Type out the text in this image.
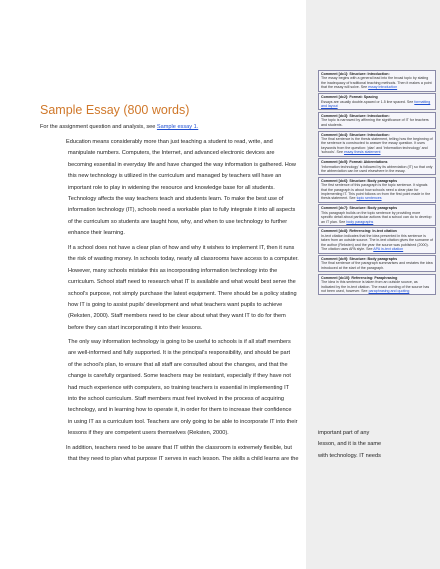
Sample Essay (800 words)
For the assignment question and analysis, see Sample essay 1.
Education means considerably more than just teaching a student to read, write, and
manipulate numbers. Computers, the Internet, and advanced electronic devices are
becoming essential in everyday life and have changed the way information is gathered. How
this new technology is utilized in the curriculum and managed by teachers will have an
important role to play in widening the resource and knowledge base for all students.
Technology affects the way teachers teach and students learn. To make the best use of
information technology (IT), schools need a workable plan to fully integrate it into all aspects
of the curriculum so students are taught how, why, and when to use technology to further
enhance their learning.
If a school does not have a clear plan of how and why it wishes to implement IT, then it runs
the risk of wasting money. In schools today, nearly all classrooms have access to a computer.
However, many schools mistake this as incorporating information technology into the
curriculum. School staff need to research what IT is available and what would best serve the
school's purpose, not simply purchase the latest equipment. There should be a policy stating
how IT is going to assist pupils' development and what teachers want pupils to achieve
(Reksten, 2000). Staff members need to be clear about what they want IT to do for them
before they can start incorporating it into their lessons.
The only way information technology is going to be useful to schools is if all staff members
are well-informed and fully supported. It is the principal's responsibility, and should be part
of the school's plan, to ensure that all staff are consulted about the changes, and that the
change is carefully organised. Some teachers may be resistant, especially if they have not
had much experience with computers, so training teachers is essential in implementing IT
into the school curriculum. Staff members must feel involved in the process of acquiring
technology, and in learning how to operate it, in order for them to increase their confidence
in using IT as a curriculum tool. Teachers are only going to be able to incorporate IT into their
lessons if they are competent users themselves (Reksten, 2000).
In addition, teachers need to be aware that IT within the classroom is extremely flexible, but
that they need to plan what purpose IT serves in each lesson. The skills a child learns are the
Comment [dc1]: Structure: Introduction:
The essay begins with a general lead into the broad topic by stating the inadequacy of traditional teaching methods. Then it makes a point that the essay will solve. See essay introduction
Comment [dc2]: Format: Spacing
Essays are usually double-spaced or 1.5 line spaced. See formatting and layout
Comment [dc3]: Structure: Introduction:
The topic is narrowed by affirming the significance of IT for teachers and students.
Comment [dc4]: Structure: Introduction:
The final sentence is the thesis statement, telling how the beginning of the sentence is constructed to answer the essay question. It uses keywords from the question: 'plan' and 'information technology' and 'schools'. See essay thesis statement
Comment [dc5]: Format: Abbreviations
'Information technology' is followed by its abbreviation (IT) so that only the abbreviation can be used elsewhere in the essay.
Comment [dc6]: Structure: Body paragraphs
The first sentence of this paragraph is the topic sentence. It signals that the paragraph is about how schools need a clear plan for implementing IT. This point follows on from the first point made in the thesis statement. See topic sentences
Comment [dc7]: Structure: Body paragraphs
This paragraph builds on the topic sentence by providing more specific detail about particular actions that a school can do to develop an IT plan. See body paragraphs
Comment [dc8]: Referencing: In-text citation
In-text citation indicates that the idea presented in this sentence is taken from an outside source. The in-text citation gives the surname of the author (Reksten) and the year the source was published (2000). The citation uses APA style. See APA in-text citation
Comment [dc9]: Structure: Body paragraphs
The final sentence of the paragraph summarises and restates the idea introduced at the start of the paragraph.
Comment [dc10]: Referencing: Paraphrasing
The idea in this sentence is taken from an outside source, as indicated by the in-text citation. The exact wording of the source has not been used, however. See paraphrasing and quoting
important part of any
lesson, and it is the same
with technology. IT needs
